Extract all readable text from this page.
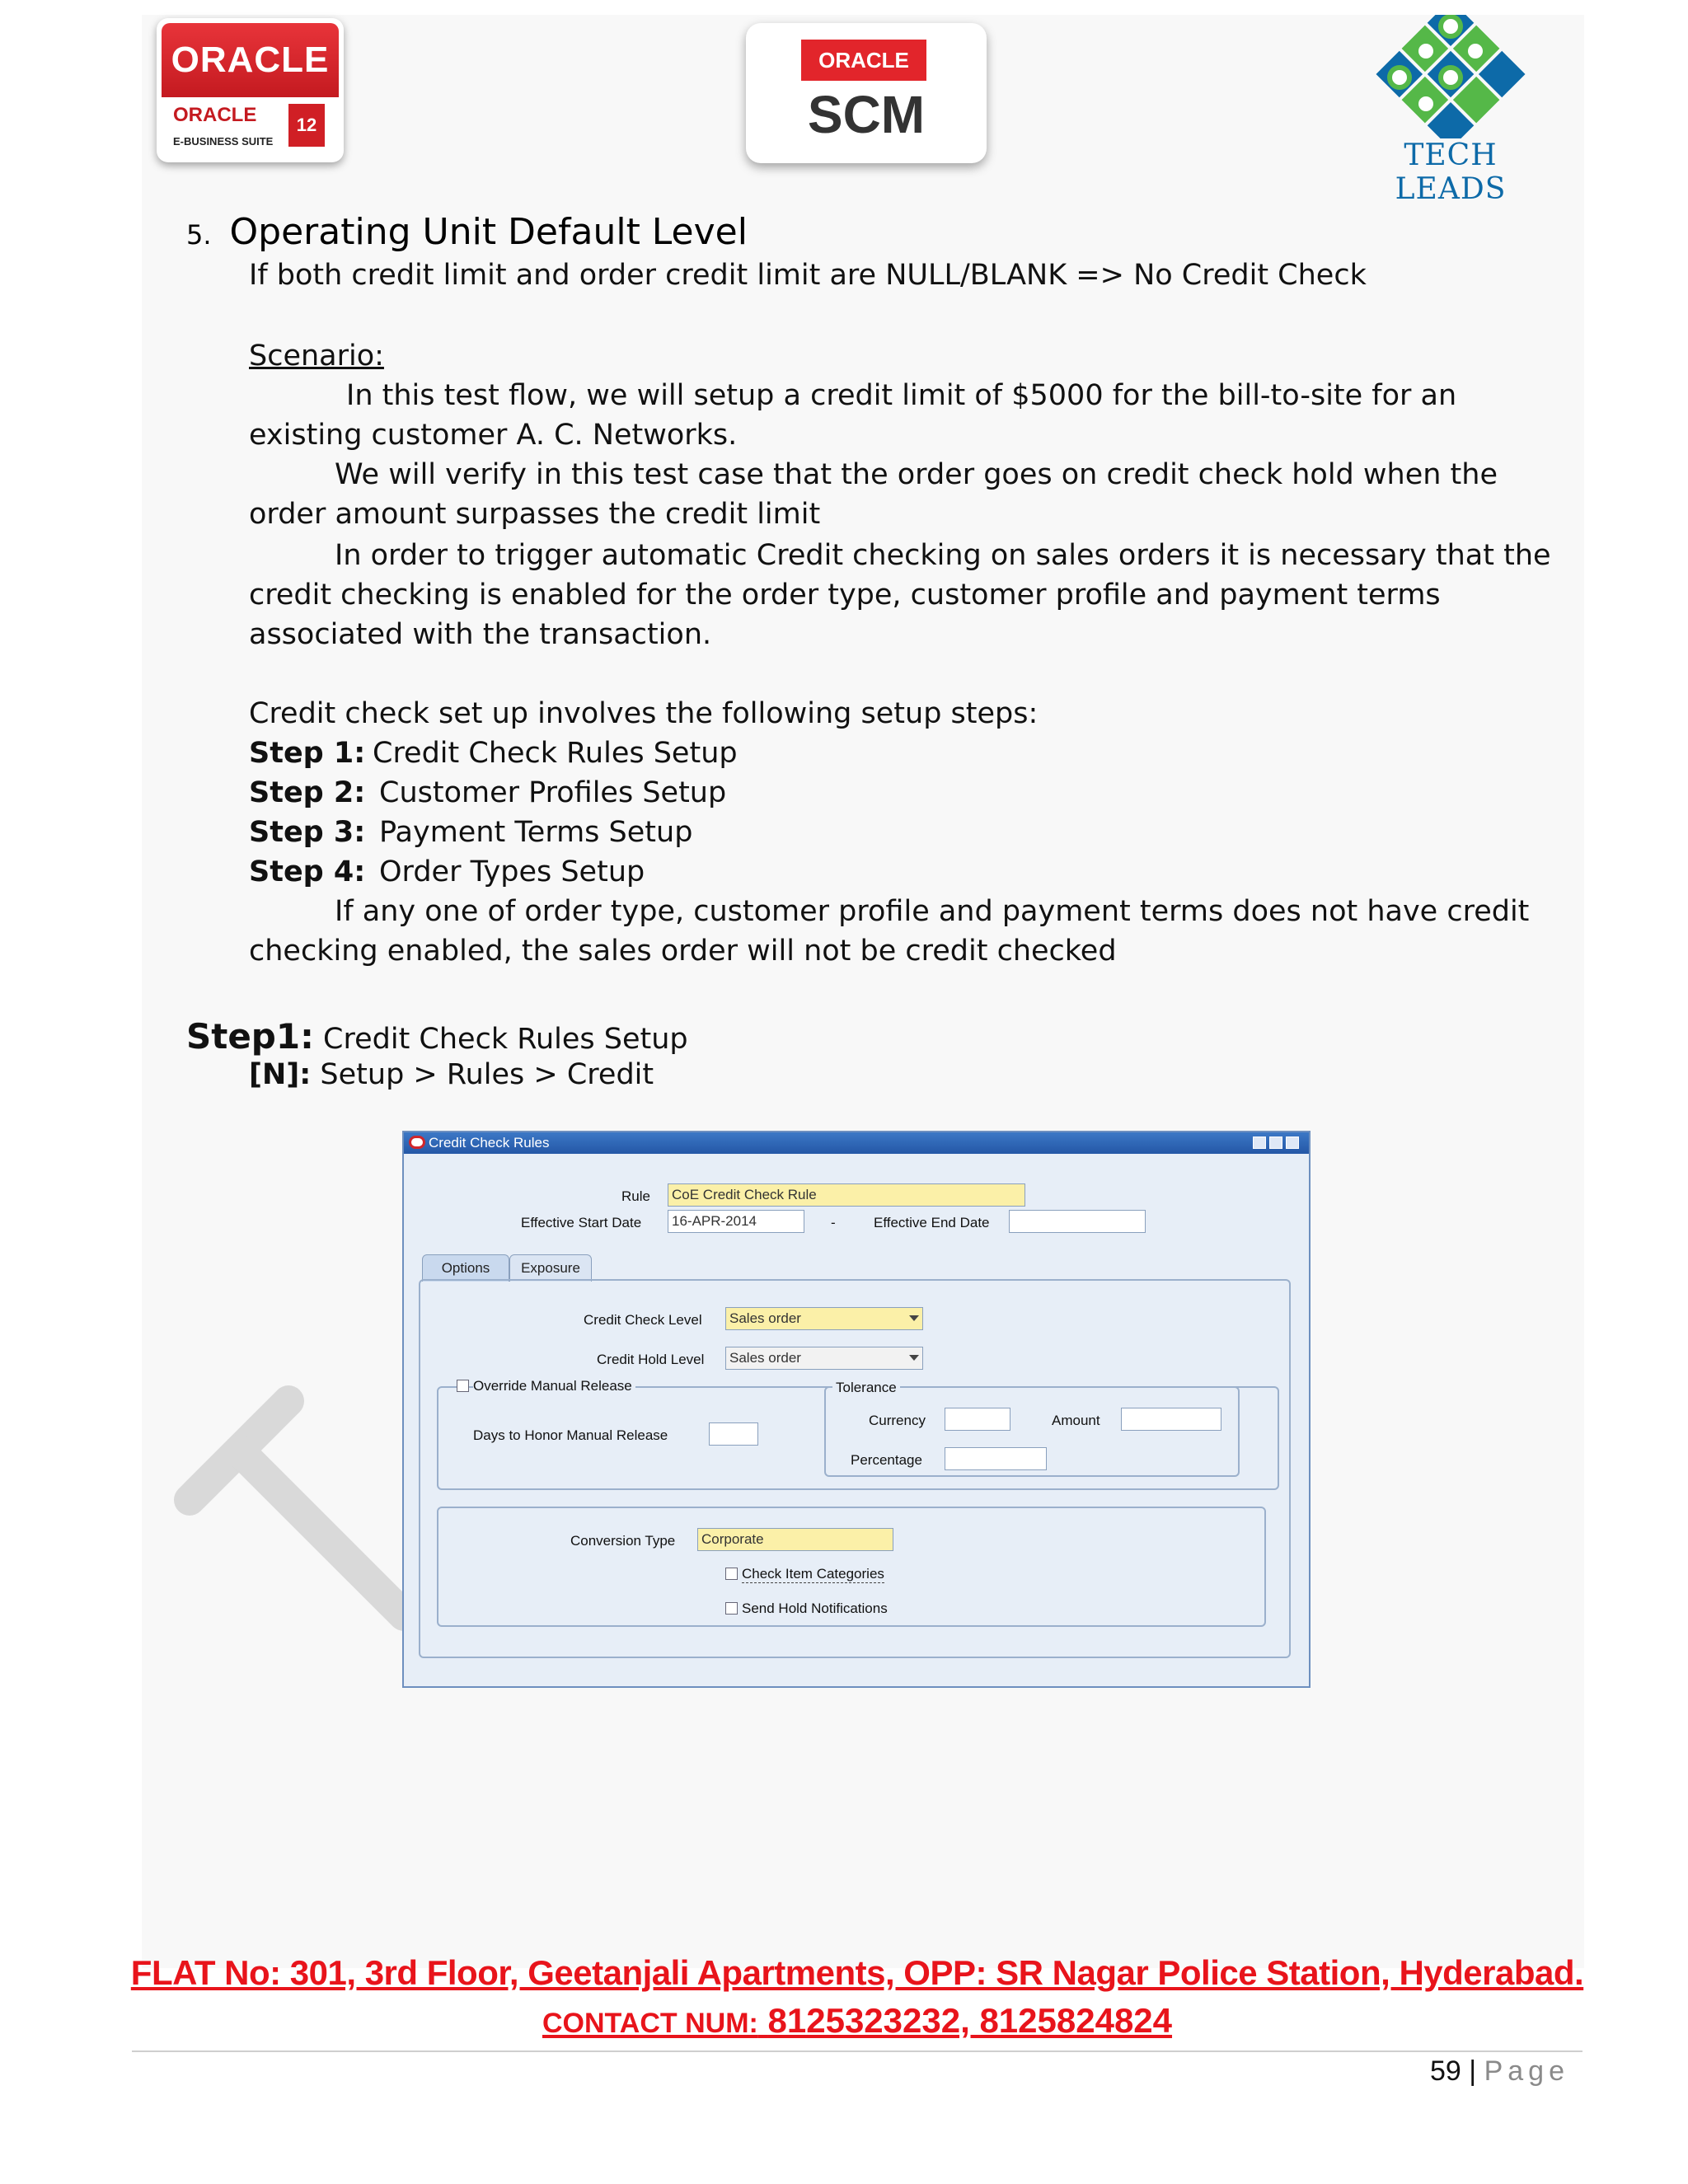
ORACLE
ORACLE
E-BUSINESS SUITE
12
ORACLE
SCM
TECH LEADS
5. Operating Unit Default Level
If both credit limit and order credit limit are NULL/BLANK => No Credit Check
Scenario:
In this test flow, we will setup a credit limit of $5000 for the bill-to-site for an
existing customer A. C. Networks.
We will verify in this test case that the order goes on credit check hold when the
order amount surpasses the credit limit
In order to trigger automatic Credit checking on sales orders it is necessary that the
credit checking is enabled for the order type, customer profile and payment terms
associated with the transaction.
Credit check set up involves the following setup steps:
Step 1: Credit Check Rules Setup
Step 2: Customer Profiles Setup
Step 3: Payment Terms Setup
Step 4: Order Types Setup
If any one of order type, customer profile and payment terms does not have credit
checking enabled, the sales order will not be credit checked
Step1: Credit Check Rules Setup
[N]: Setup > Rules > Credit
Credit Check Rules
Rule CoE Credit Check Rule
Effective Start Date 16-APR-2014	-	Effective End Date
Options	Exposure
Credit Check Level Sales order
Credit Hold Level Sales order
Override Manual Release
Days to Honor Manual Release
Tolerance
Currency	Amount
Percentage
Conversion Type Corporate
Check Item Categories
Send Hold Notifications
FLAT No: 301, 3rd Floor, Geetanjali Apartments, OPP: SR Nagar Police Station, Hyderabad.
CONTACT NUM: 8125323232, 8125824824
59 | Page
